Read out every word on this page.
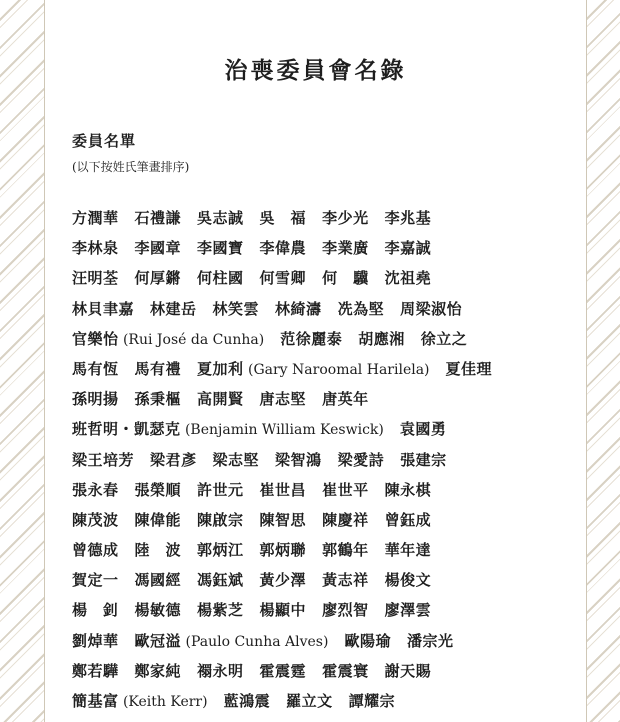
治喪委員會名錄
委員名單
(以下按姓氏筆畫排序)
方潤華 石禮謙 吳志誠 吳　福 李少光 李兆基
李林泉 李國章 李國寶 李偉農 李業廣 李嘉誠
汪明荃 何厚鏘 何柱國 何雪卿 何　驥 沈祖堯
林貝聿嘉 林建岳 林笑雲 林綺濤 冼為堅 周梁淑怡
官樂怡 (Rui José da Cunha) 范徐麗泰 胡應湘 徐立之
馬有恆 馬有禮 夏加利 (Gary Naroomal Harilela) 夏佳理
孫明揚 孫秉樞 高開賢 唐志堅 唐英年
班哲明・凱瑟克 (Benjamin William Keswick) 袁國勇
梁王培芳 梁君彥 梁志堅 梁智鴻 梁愛詩 張建宗
張永春 張榮順 許世元 崔世昌 崔世平 陳永棋
陳茂波 陳偉能 陳啟宗 陳智思 陳慶祥 曾鈺成
曾德成 陸　波 郭炳江 郭炳聯 郭鶴年 華年達
賀定一 馮國經 馮鈺斌 黃少澤 黃志祥 楊俊文
楊　釗 楊敏德 楊紫芝 楊顯中 廖烈智 廖澤雲
劉焯華 歐冠溢 (Paulo Cunha Alves) 歐陽瑜 潘宗光
鄭若驊 鄭家純 禤永明 霍震霆 霍震寰 謝天賜
簡基富 (Keith Kerr) 藍鴻震 羅立文 譚耀宗
